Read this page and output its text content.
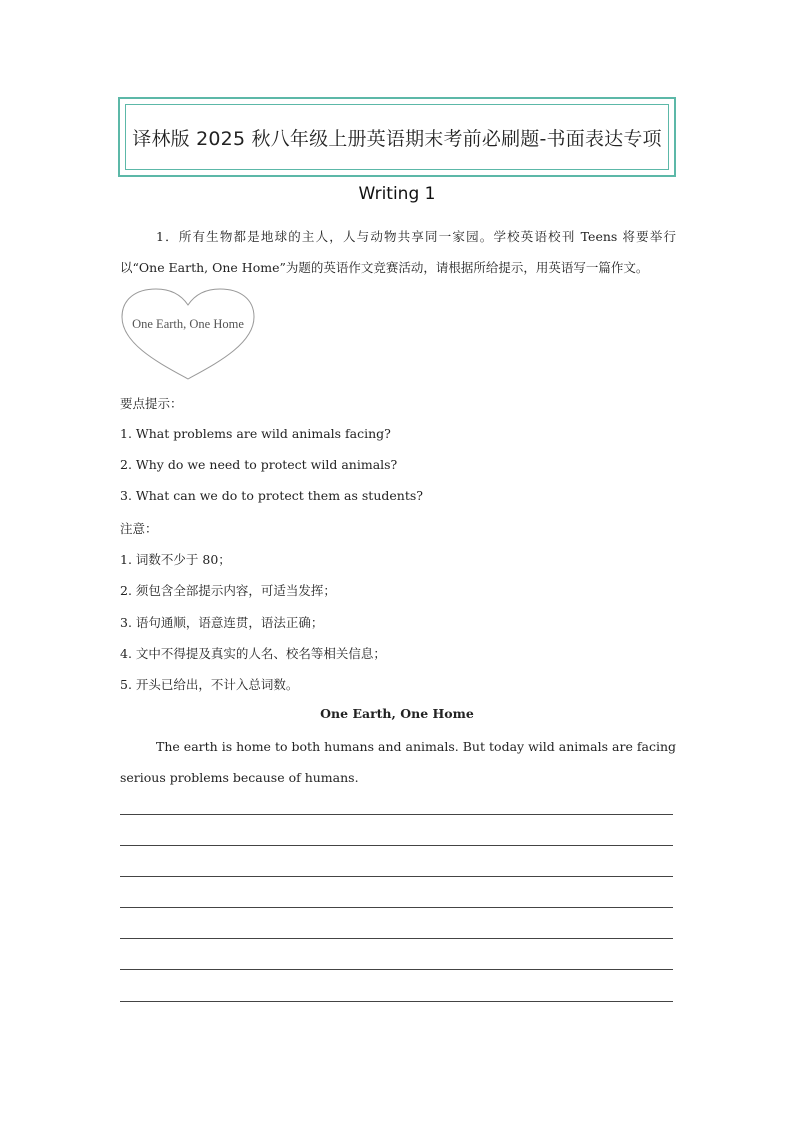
译林版 2025 秋八年级上册英语期末考前必刷题-书面表达专项
Writing 1
1．所有生物都是地球的主人，人与动物共享同一家园。学校英语校刊 Teens 将要举行以“One Earth, One Home”为题的英语作文竞赛活动，请根据所给提示，用英语写一篇作文。
One Earth, One Home
要点提示：
1. What problems are wild animals facing?
2. Why do we need to protect wild animals?
3. What can we do to protect them as students?
注意：
1. 词数不少于 80；
2. 须包含全部提示内容，可适当发挥；
3. 语句通顺，语意连贯，语法正确；
4. 文中不得提及真实的人名、校名等相关信息；
5. 开头已给出，不计入总词数。
One Earth, One Home
The earth is home to both humans and animals. But today wild animals are facing serious problems because of humans.
